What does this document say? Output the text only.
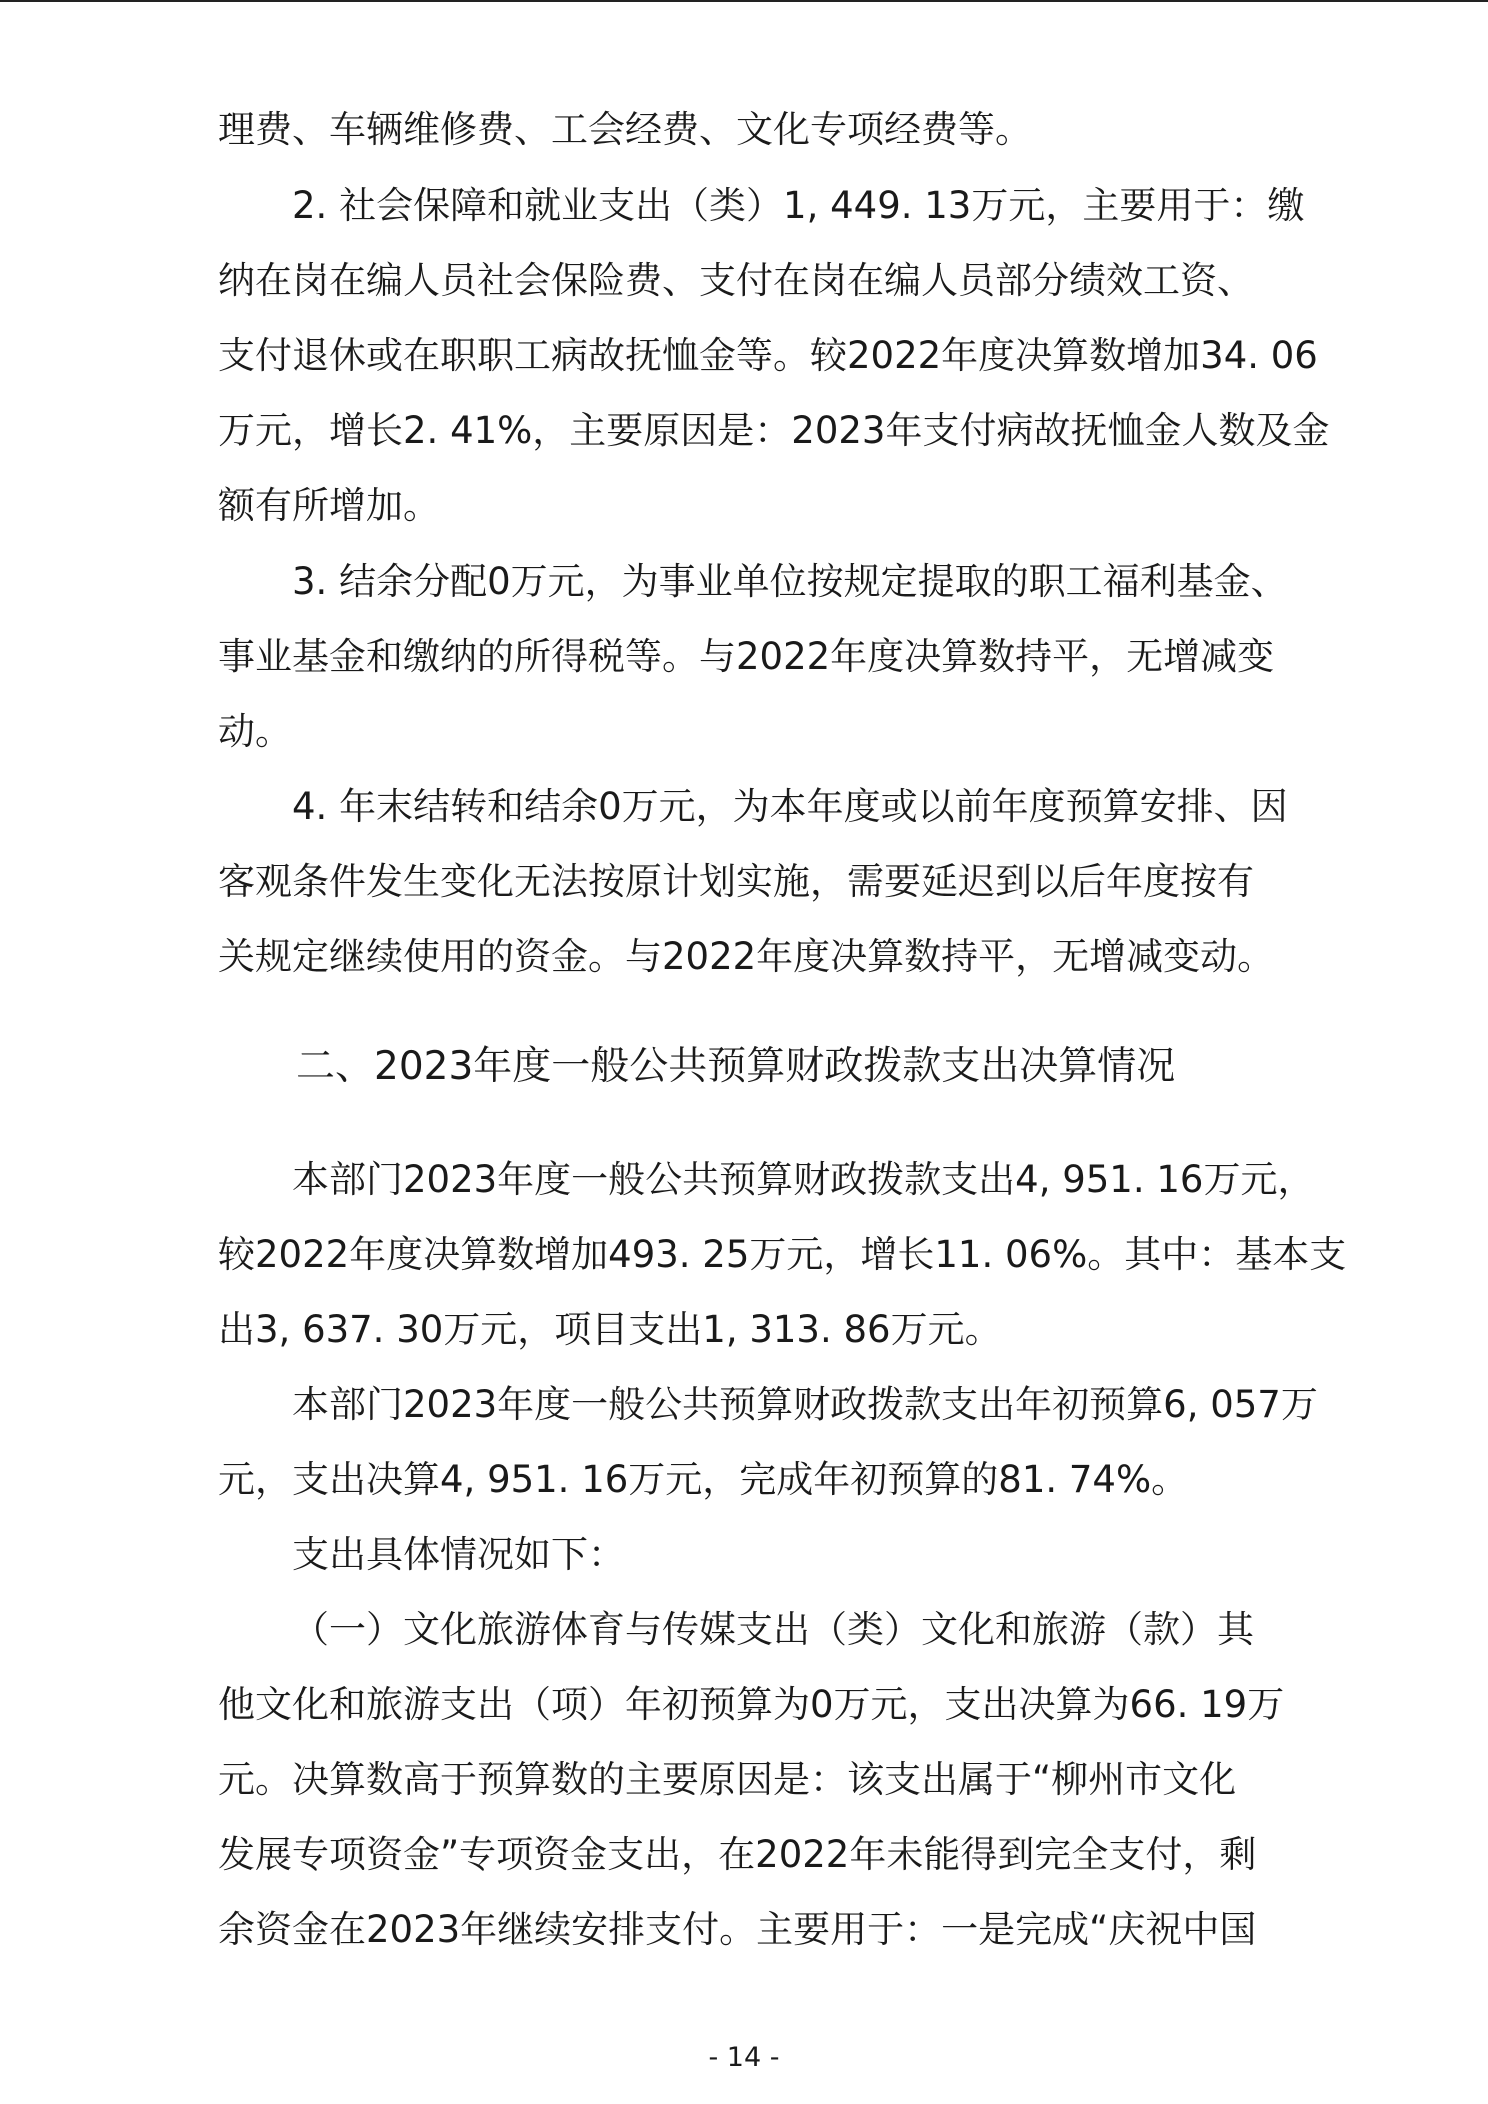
理费、车辆维修费、工会经费、文化专项经费等。
2. 社会保障和就业支出（类）1, 449. 13万元，主要用于：缴
纳在岗在编人员社会保险费、支付在岗在编人员部分绩效工资、
支付退休或在职职工病故抚恤金等。较2022年度决算数增加34. 06
万元，增长2. 41%，主要原因是：2023年支付病故抚恤金人数及金
额有所增加。
3. 结余分配0万元，为事业单位按规定提取的职工福利基金、
事业基金和缴纳的所得税等。与2022年度决算数持平，无增减变
动。
4. 年末结转和结余0万元，为本年度或以前年度预算安排、因
客观条件发生变化无法按原计划实施，需要延迟到以后年度按有
关规定继续使用的资金。与2022年度决算数持平，无增减变动。
二、2023年度一般公共预算财政拨款支出决算情况
本部门2023年度一般公共预算财政拨款支出4, 951. 16万元，
较2022年度决算数增加493. 25万元，增长11. 06%。其中：基本支
出3, 637. 30万元，项目支出1, 313. 86万元。
本部门2023年度一般公共预算财政拨款支出年初预算6, 057万
元，支出决算4, 951. 16万元，完成年初预算的81. 74%。
支出具体情况如下：
（一）文化旅游体育与传媒支出（类）文化和旅游（款）其
他文化和旅游支出（项）年初预算为0万元，支出决算为66. 19万
元。决算数高于预算数的主要原因是：该支出属于“柳州市文化
发展专项资金”专项资金支出，在2022年未能得到完全支付，剩
余资金在2023年继续安排支付。主要用于：一是完成“庆祝中国
- 14 -
